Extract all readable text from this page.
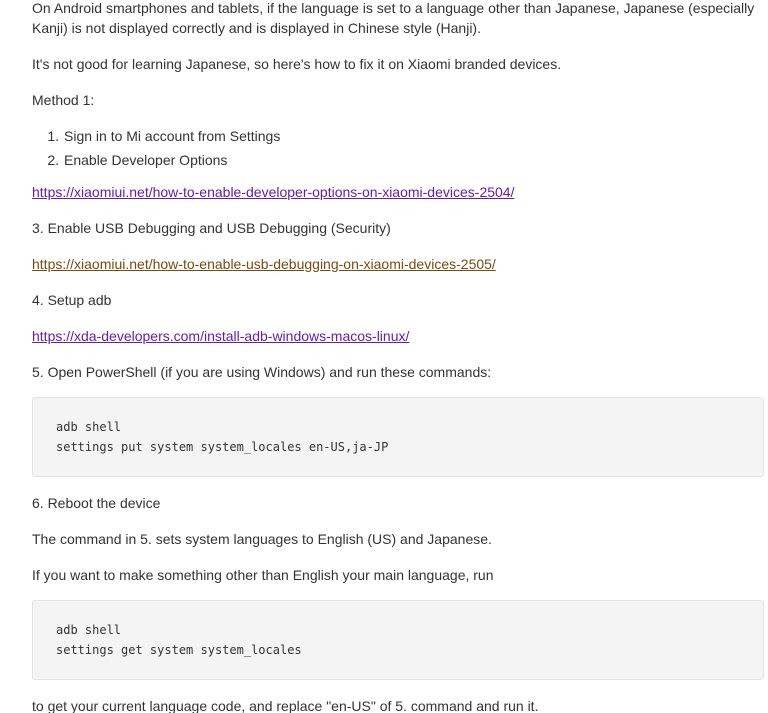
On Android smartphones and tablets, if the language is set to a language other than Japanese, Japanese (especially Kanji) is not displayed correctly and is displayed in Chinese style (Hanji).

It's not good for learning Japanese, so here's how to fix it on Xiaomi branded devices.

Method 1:

1. Sign in to Mi account from Settings
2. Enable Developer Options

https://xiaomiui.net/how-to-enable-developer-options-on-xiaomi-devices-2504/

3. Enable USB Debugging and USB Debugging (Security)

https://xiaomiui.net/how-to-enable-usb-debugging-on-xiaomi-devices-2505/

4. Setup adb

https://xda-developers.com/install-adb-windows-macos-linux/

5. Open PowerShell (if you are using Windows) and run these commands:

adb shell
settings put system system_locales en-US,ja-JP

6. Reboot the device

The command in 5. sets system languages to English (US) and Japanese.

If you want to make something other than English your main language, run

adb shell
settings get system system_locales

to get your current language code, and replace "en-US" of 5. command and run it.
